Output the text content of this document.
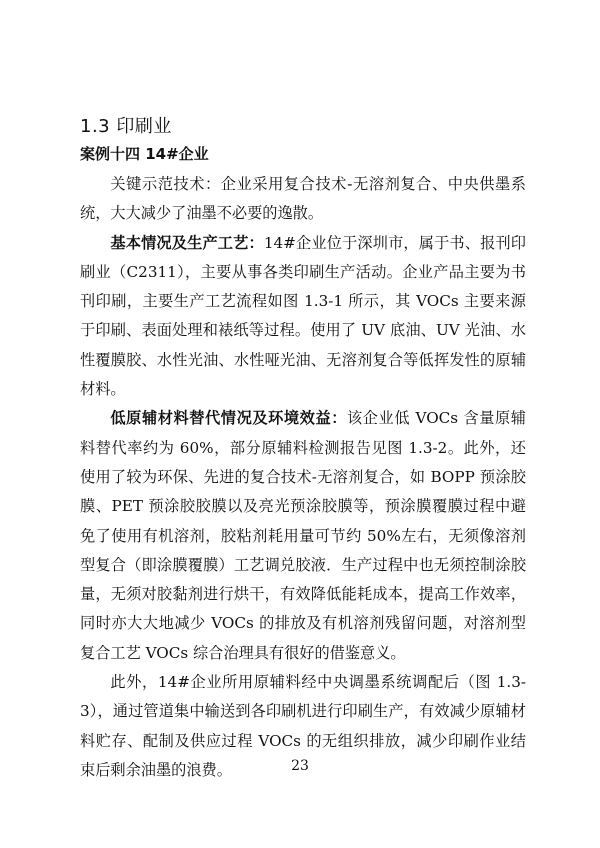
1.3 印刷业
案例十四 14#企业

关键示范技术：企业采用复合技术-无溶剂复合、中央供墨系统，大大减少了油墨不必要的逸散。

基本情况及生产工艺：14#企业位于深圳市，属于书、报刊印刷业（C2311），主要从事各类印刷生产活动。企业产品主要为书刊印刷，主要生产工艺流程如图 1.3-1 所示，其 VOCs 主要来源于印刷、表面处理和裱纸等过程。使用了 UV 底油、UV 光油、水性覆膜胶、水性光油、水性哑光油、无溶剂复合等低挥发性的原辅材料。

低原辅材料替代情况及环境效益：该企业低 VOCs 含量原辅料替代率约为 60%，部分原辅料检测报告见图 1.3-2。此外，还使用了较为环保、先进的复合技术-无溶剂复合，如 BOPP 预涂胶膜、PET 预涂胶胶膜以及亮光预涂胶膜等，预涂膜覆膜过程中避免了使用有机溶剂，胶粘剂耗用量可节约 50%左右，无须像溶剂型复合（即涂膜覆膜）工艺调兑胶液．生产过程中也无须控制涂胶量，无须对胶黏剂进行烘干，有效降低能耗成本，提高工作效率，同时亦大大地减少 VOCs 的排放及有机溶剂残留问题，对溶剂型复合工艺 VOCs 综合治理具有很好的借鉴意义。

此外，14#企业所用原辅料经中央调墨系统调配后（图 1.3-3），通过管道集中输送到各印刷机进行印刷生产，有效减少原辅材料贮存、配制及供应过程 VOCs 的无组织排放，减少印刷作业结束后剩余油墨的浪费。	23
